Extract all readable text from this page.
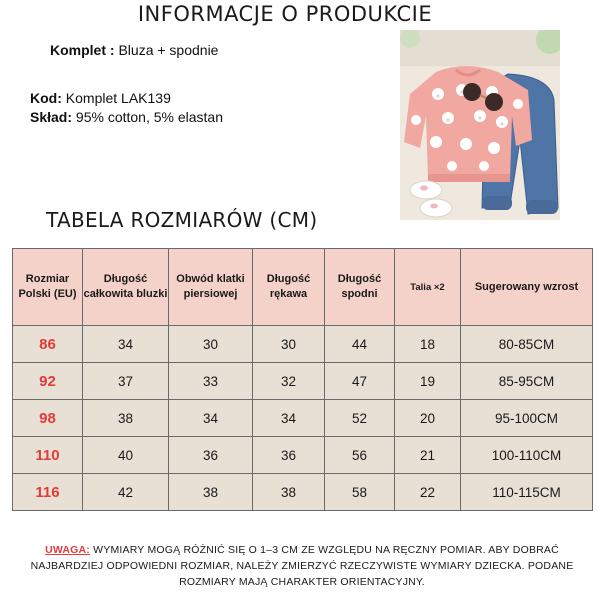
INFORMACJE O PRODUKCIE
Komplet : Bluza + spodnie
Kod: Komplet LAK139
Skład: 95% cotton, 5% elastan
TABELA ROZMIARÓW (CM)
Rozmiar Polski (EU)	Długość całkowita bluzki	Obwód klatki piersiowej	Długość rękawa	Długość spodni	Talia ×2	Sugerowany wzrost
86	34	30	30	44	18	80-85CM
92	37	33	32	47	19	85-95CM
98	38	34	34	52	20	95-100CM
110	40	36	36	56	21	100-110CM
116	42	38	38	58	22	110-115CM
UWAGA: WYMIARY MOGĄ RÓŻNIĆ SIĘ O 1–3 CM ZE WZGLĘDU NA RĘCZNY POMIAR. ABY DOBRAĆ NAJBARDZIEJ ODPOWIEDNI ROZMIAR, NALEŻY ZMIERZYĆ RZECZYWISTE WYMIARY DZIECKA. PODANE ROZMIARY MAJĄ CHARAKTER ORIENTACYJNY.
